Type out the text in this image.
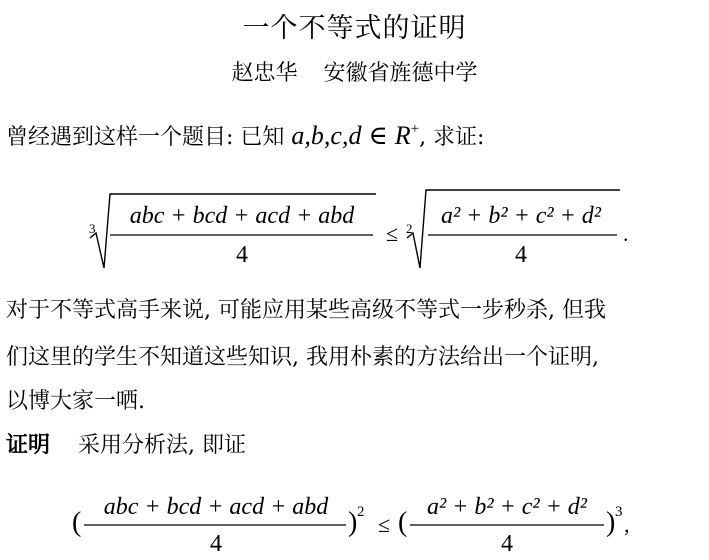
一个不等式的证明
赵忠华 安徽省旌德中学
曾经遇到这样一个题目: 已知 a,b,c,d ∈ R+, 求证:
3 abc + bcd + acd + abd
4
≤ 2 a² + b² + c² + d²
4
.
对于不等式高手来说, 可能应用某些高级不等式一步秒杀, 但我
们这里的学生不知道这些知识, 我用朴素的方法给出一个证明,
以博大家一哂.
证明 采用分析法, 即证
( abc + bcd + acd + abd
4
) 2 ≤ ( a² + b² + c² + d²
4
) 3 ,
